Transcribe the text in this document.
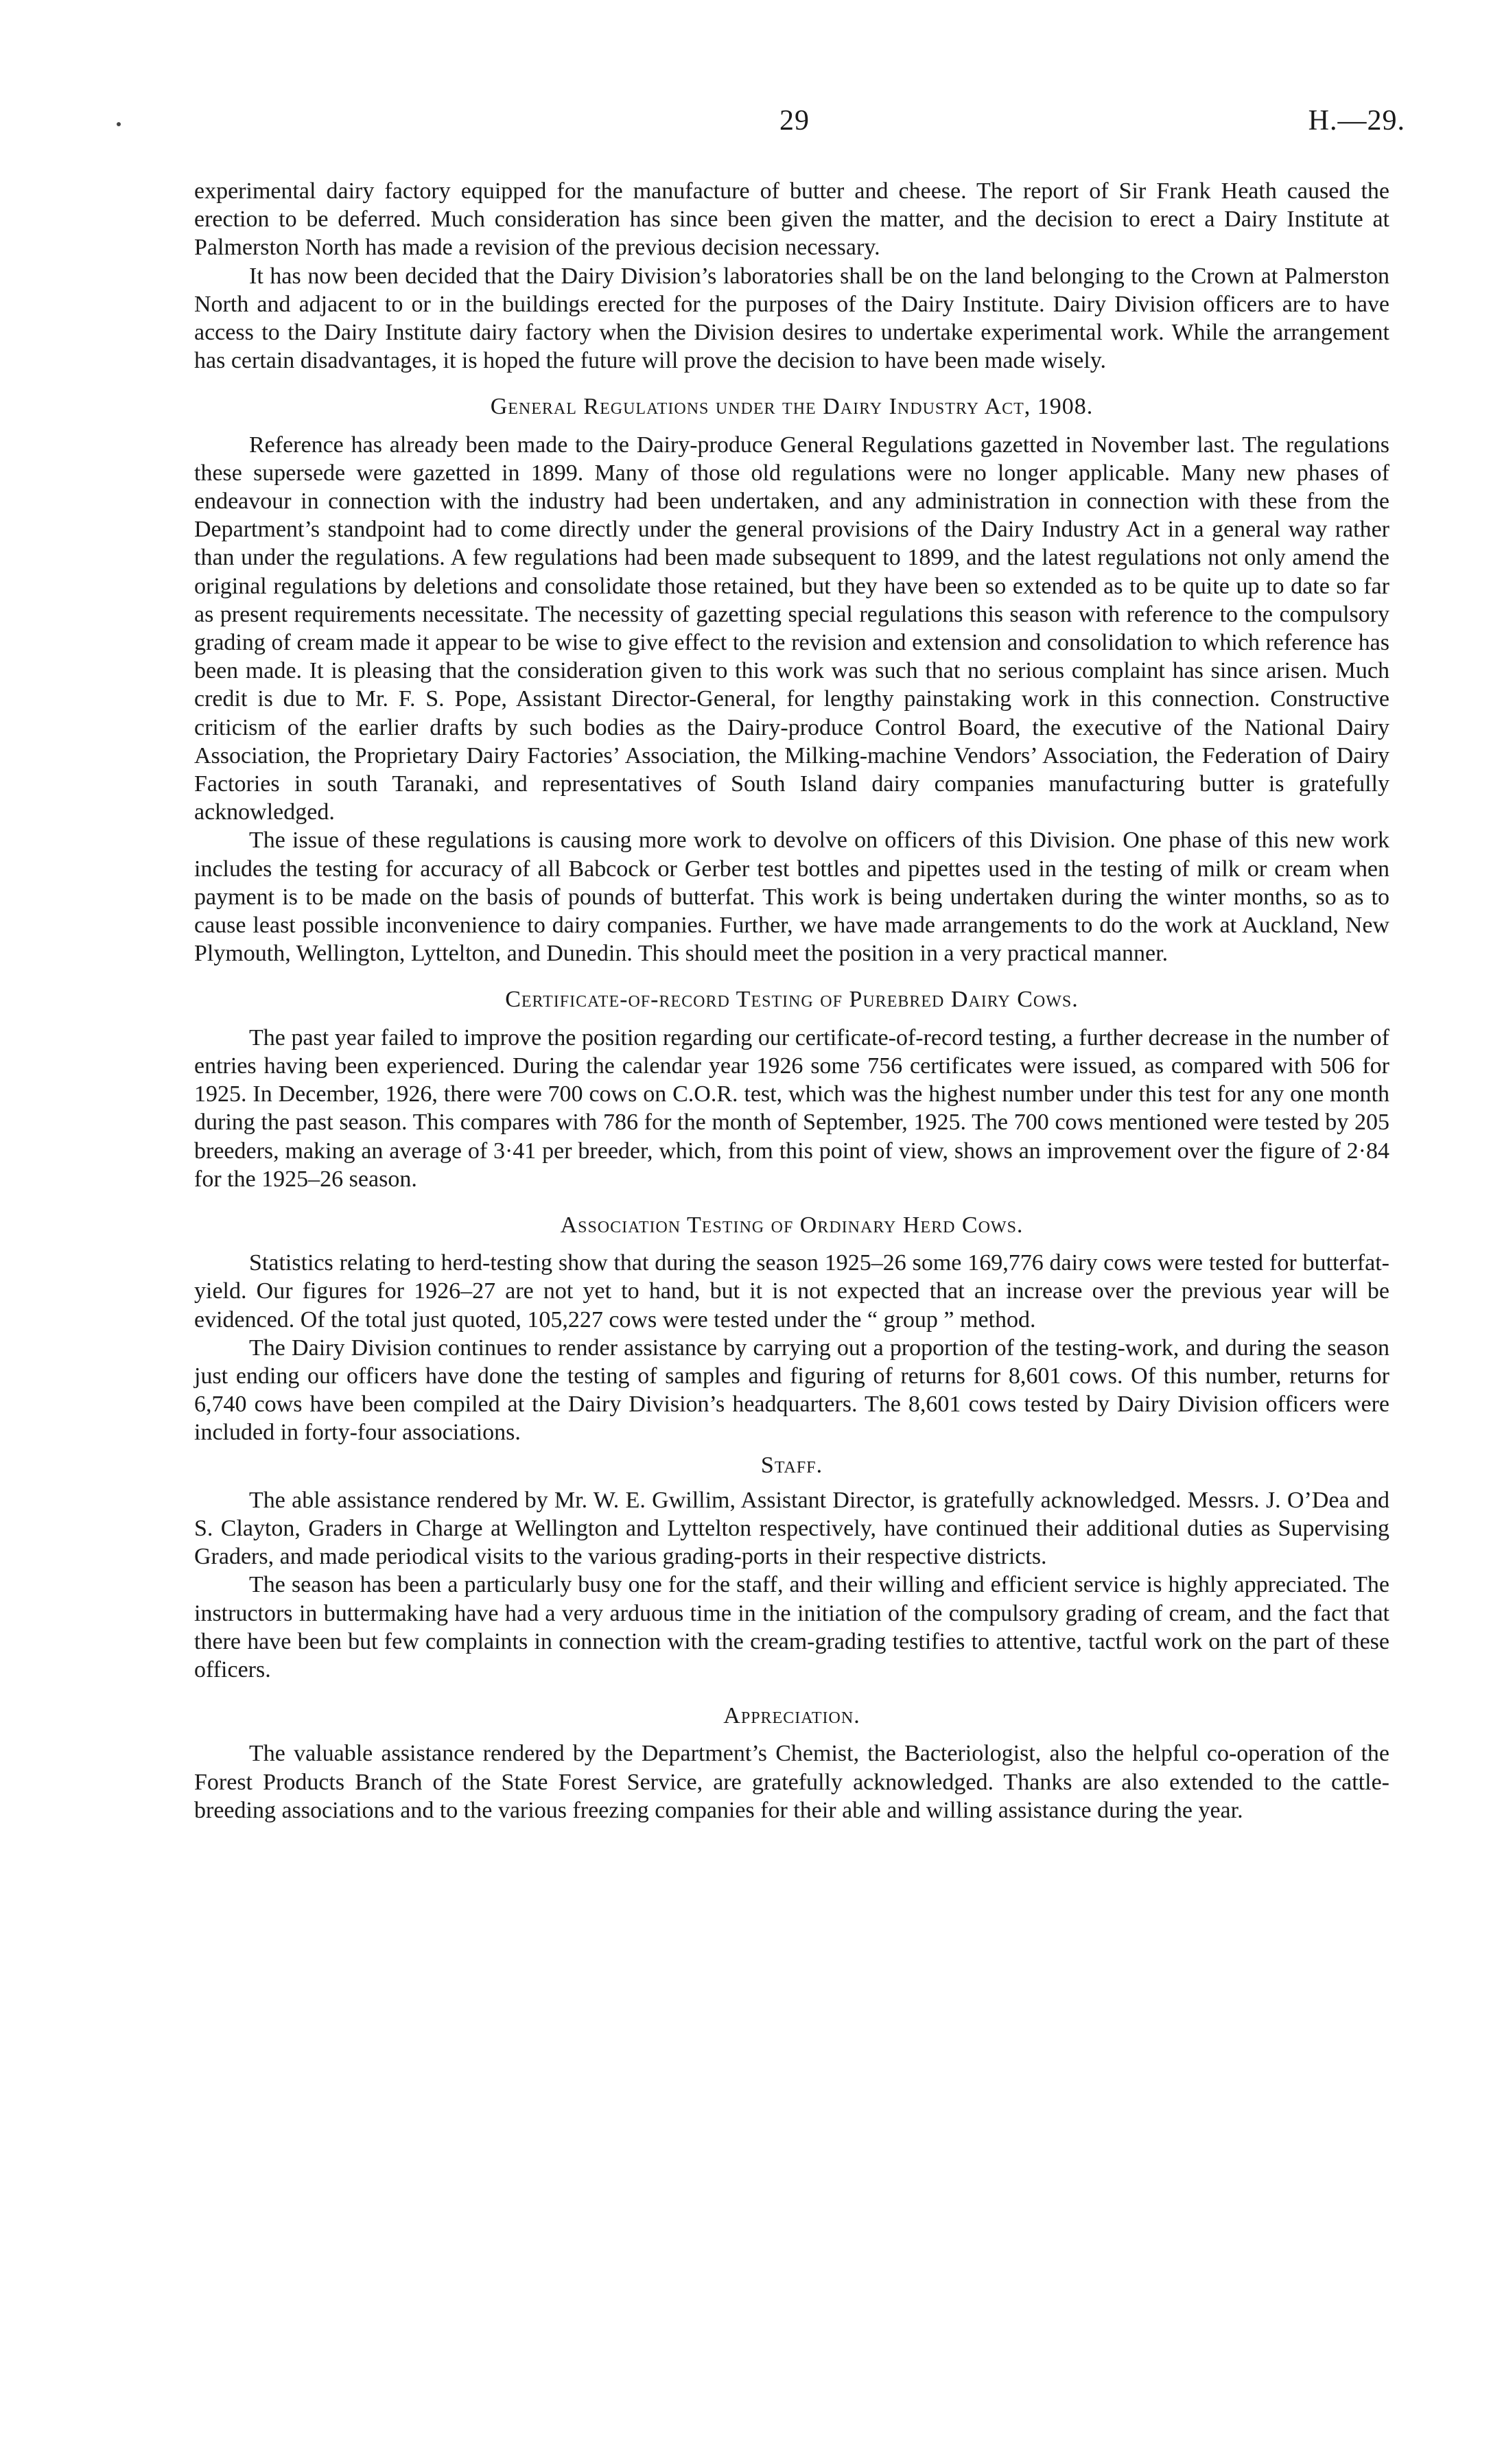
29	H.—29.

experimental dairy factory equipped for the manufacture of butter and cheese. The report of Sir Frank Heath caused the erection to be deferred. Much consideration has since been given the matter, and the decision to erect a Dairy Institute at Palmerston North has made a revision of the previous decision necessary.

It has now been decided that the Dairy Division’s laboratories shall be on the land belonging to the Crown at Palmerston North and adjacent to or in the buildings erected for the purposes of the Dairy Institute. Dairy Division officers are to have access to the Dairy Institute dairy factory when the Division desires to undertake experimental work. While the arrangement has certain disadvantages, it is hoped the future will prove the decision to have been made wisely.

General Regulations under the Dairy Industry Act, 1908.

Reference has already been made to the Dairy-produce General Regulations gazetted in November last. The regulations these supersede were gazetted in 1899. Many of those old regulations were no longer applicable. Many new phases of endeavour in connection with the industry had been undertaken, and any administration in connection with these from the Department’s standpoint had to come directly under the general provisions of the Dairy Industry Act in a general way rather than under the regulations. A few regulations had been made subsequent to 1899, and the latest regulations not only amend the original regulations by deletions and consolidate those retained, but they have been so extended as to be quite up to date so far as present requirements necessitate. The necessity of gazetting special regulations this season with reference to the compulsory grading of cream made it appear to be wise to give effect to the revision and extension and consolidation to which reference has been made. It is pleasing that the consideration given to this work was such that no serious complaint has since arisen. Much credit is due to Mr. F. S. Pope, Assistant Director-General, for lengthy painstaking work in this connection. Constructive criticism of the earlier drafts by such bodies as the Dairy-produce Control Board, the executive of the National Dairy Association, the Proprietary Dairy Factories’ Association, the Milking-machine Vendors’ Association, the Federation of Dairy Factories in south Taranaki, and representatives of South Island dairy companies manufacturing butter is gratefully acknowledged.

The issue of these regulations is causing more work to devolve on officers of this Division. One phase of this new work includes the testing for accuracy of all Babcock or Gerber test bottles and pipettes used in the testing of milk or cream when payment is to be made on the basis of pounds of butterfat. This work is being undertaken during the winter months, so as to cause least possible inconvenience to dairy companies. Further, we have made arrangements to do the work at Auckland, New Plymouth, Wellington, Lyttelton, and Dunedin. This should meet the position in a very practical manner.

Certificate-of-record Testing of Purebred Dairy Cows.

The past year failed to improve the position regarding our certificate-of-record testing, a further decrease in the number of entries having been experienced. During the calendar year 1926 some 756 certificates were issued, as compared with 506 for 1925. In December, 1926, there were 700 cows on C.O.R. test, which was the highest number under this test for any one month during the past season. This compares with 786 for the month of September, 1925. The 700 cows mentioned were tested by 205 breeders, making an average of 3·41 per breeder, which, from this point of view, shows an improvement over the figure of 2·84 for the 1925–26 season.

Association Testing of Ordinary Herd Cows.

Statistics relating to herd-testing show that during the season 1925–26 some 169,776 dairy cows were tested for butterfat-yield. Our figures for 1926–27 are not yet to hand, but it is not expected that an increase over the previous year will be evidenced. Of the total just quoted, 105,227 cows were tested under the “ group ” method.

The Dairy Division continues to render assistance by carrying out a proportion of the testing-work, and during the season just ending our officers have done the testing of samples and figuring of returns for 8,601 cows. Of this number, returns for 6,740 cows have been compiled at the Dairy Division’s headquarters. The 8,601 cows tested by Dairy Division officers were included in forty-four associations.

Staff.

The able assistance rendered by Mr. W. E. Gwillim, Assistant Director, is gratefully acknowledged. Messrs. J. O’Dea and S. Clayton, Graders in Charge at Wellington and Lyttelton respectively, have continued their additional duties as Supervising Graders, and made periodical visits to the various grading-ports in their respective districts.

The season has been a particularly busy one for the staff, and their willing and efficient service is highly appreciated. The instructors in buttermaking have had a very arduous time in the initiation of the compulsory grading of cream, and the fact that there have been but few complaints in connection with the cream-grading testifies to attentive, tactful work on the part of these officers.

Appreciation.

The valuable assistance rendered by the Department’s Chemist, the Bacteriologist, also the helpful co-operation of the Forest Products Branch of the State Forest Service, are gratefully acknowledged. Thanks are also extended to the cattle-breeding associations and to the various freezing companies for their able and willing assistance during the year.
